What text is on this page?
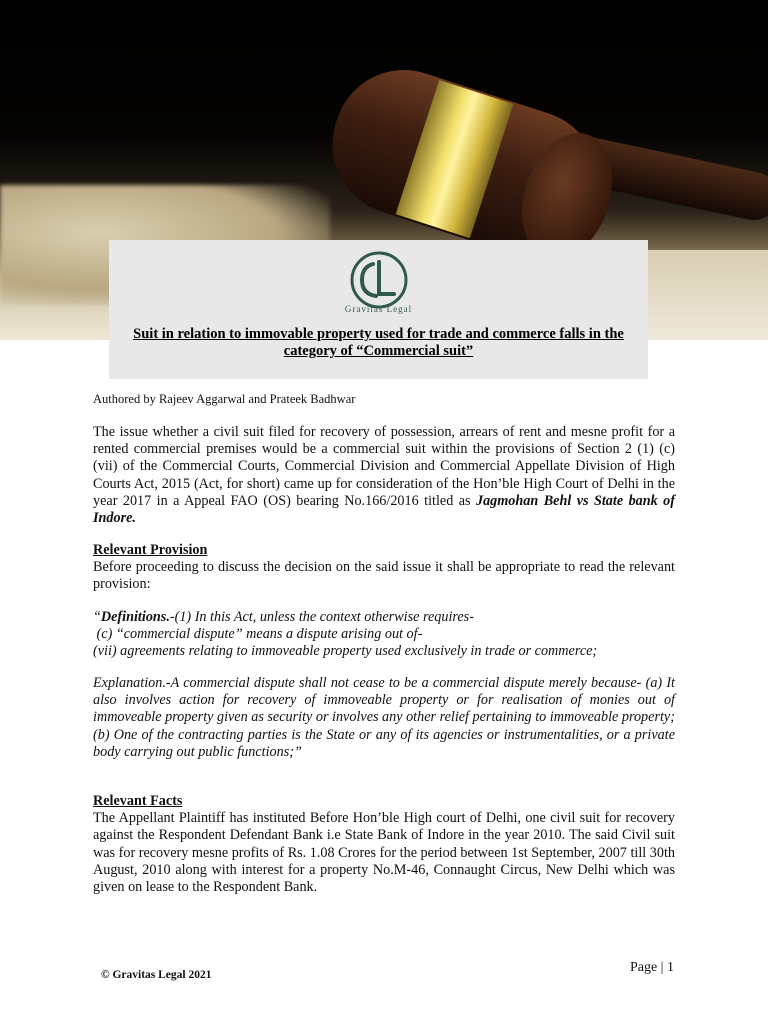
Gravitas Legal
Suit in relation to immovable property used for trade and commerce falls in the category of “Commercial suit”
Authored by Rajeev Aggarwal and Prateek Badhwar
The issue whether a civil suit filed for recovery of possession, arrears of rent and mesne profit for a rented commercial premises would be a commercial suit within the provisions of Section 2 (1) (c) (vii) of the Commercial Courts, Commercial Division and Commercial Appellate Division of High Courts Act, 2015 (Act, for short) came up for consideration of the Hon’ble High Court of Delhi in the year 2017 in a Appeal FAO (OS) bearing No.166/2016 titled as Jagmohan Behl vs State bank of Indore.
Relevant Provision
Before proceeding to discuss the decision on the said issue it shall be appropriate to read the relevant provision:
“Definitions.-(1) In this Act, unless the context otherwise requires-
(c) “commercial dispute” means a dispute arising out of-
(vii) agreements relating to immoveable property used exclusively in trade or commerce;
Explanation.-A commercial dispute shall not cease to be a commercial dispute merely because- (a) It also involves action for recovery of immoveable property or for realisation of monies out of immoveable property given as security or involves any other relief pertaining to immoveable property;
(b) One of the contracting parties is the State or any of its agencies or instrumentalities, or a private body carrying out public functions;”
Relevant Facts
The Appellant Plaintiff has instituted Before Hon’ble High court of Delhi, one civil suit for recovery against the Respondent Defendant Bank i.e State Bank of Indore in the year 2010. The said Civil suit was for recovery mesne profits of Rs. 1.08 Crores for the period between 1st September, 2007 till 30th August, 2010 along with interest for a property No.M-46, Connaught Circus, New Delhi which was given on lease to the Respondent Bank.
© Gravitas Legal 2021	Page | 1
